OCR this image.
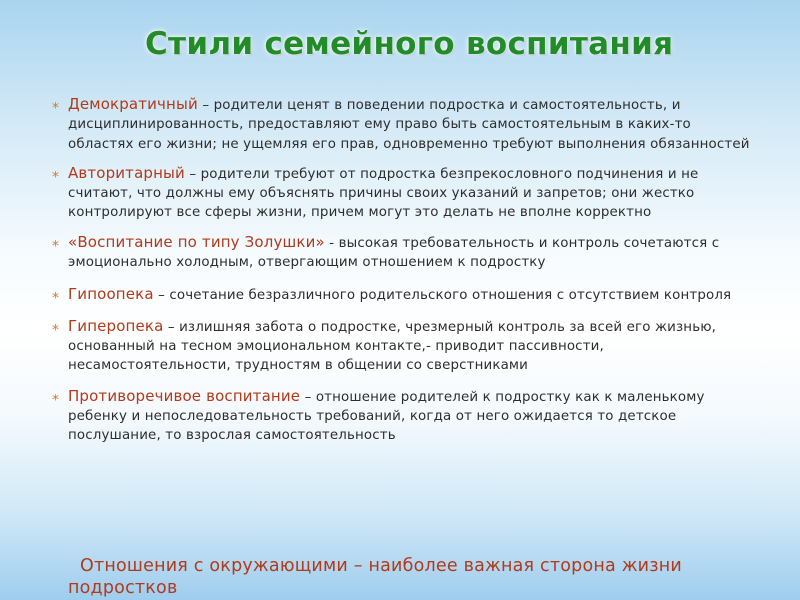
Стили семейного воспитания
⁎ Демократичный – родители ценят в поведении подростка и самостоятельность, и дисциплинированность, предоставляют ему право быть самостоятельным в каких-то областях его жизни; не ущемляя его прав, одновременно требуют выполнения обязанностей
⁎ Авторитарный – родители требуют от подростка безпрекословного подчинения и не считают, что должны ему объяснять причины своих указаний и запретов; они жестко контролируют все сферы жизни, причем могут это делать не вполне корректно
⁎ «Воспитание по типу Золушки» - высокая требовательность и контроль сочетаются с эмоционально холодным, отвергающим отношением к подростку
⁎ Гипоопека – сочетание безразличного родительского отношения с отсутствием контроля
⁎ Гиперопека – излишняя забота о подростке, чрезмерный контроль за всей его жизнью, основанный на тесном эмоциональном контакте,- приводит пассивности, несамостоятельности, трудностям в общении со сверстниками
⁎ Противоречивое воспитание – отношение родителей к подростку как к маленькому ребенку и непоследовательность требований, когда от него ожидается то детское послушание, то взрослая самостоятельность
Отношения с окружающими – наиболее важная сторона жизни подростков
